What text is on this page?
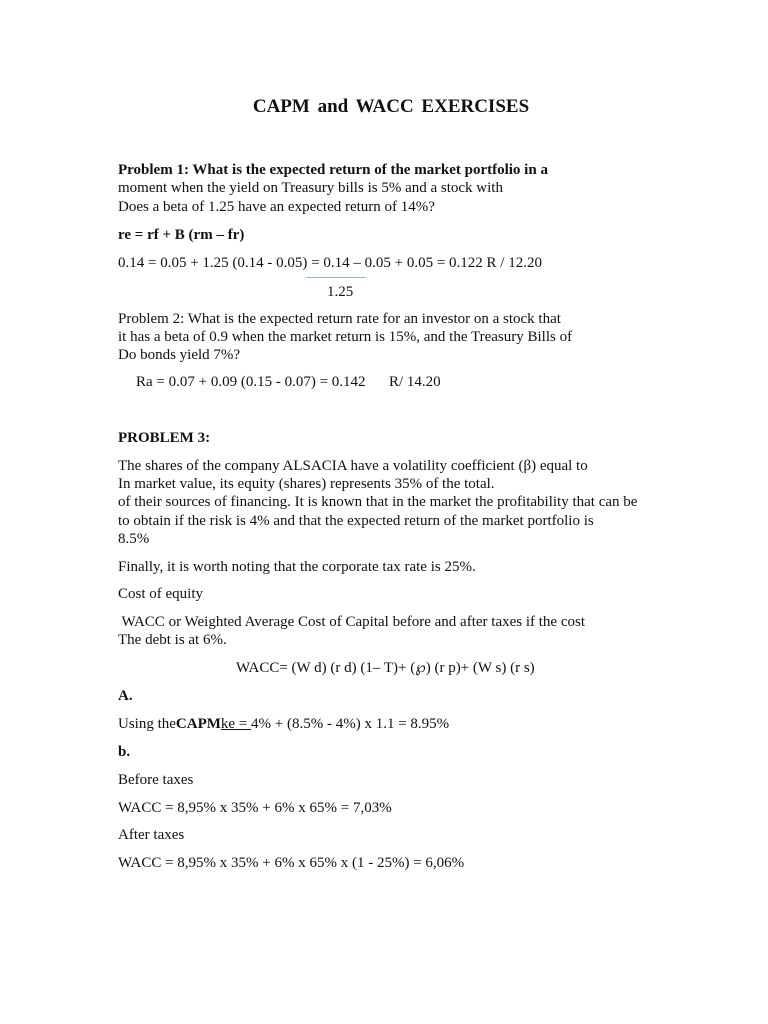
CAPM and WACC EXERCISES
Problem 1: What is the expected return of the market portfolio in a
moment when the yield on Treasury bills is 5% and a stock with
Does a beta of 1.25 have an expected return of 14%?
re = rf + B (rm – fr)
0.14 = 0.05 + 1.25 (0.14 - 0.05) = 0.14 – 0.05 + 0.05 = 0.122 R / 12.20
1.25
Problem 2: What is the expected return rate for an investor on a stock that
it has a beta of 0.9 when the market return is 15%, and the Treasury Bills of
Do bonds yield 7%?
Ra = 0.07 + 0.09 (0.15 - 0.07) = 0.142 R/ 14.20
PROBLEM 3:
The shares of the company ALSACIA have a volatility coefficient (β) equal to
In market value, its equity (shares) represents 35% of the total.
of their sources of financing. It is known that in the market the profitability that can be
to obtain if the risk is 4% and that the expected return of the market portfolio is
8.5%
Finally, it is worth noting that the corporate tax rate is 25%.
Cost of equity
WACC or Weighted Average Cost of Capital before and after taxes if the cost
The debt is at 6%.
WACC= (W d) (r d) (1– T)+ (℘) (r p)+ (W s) (r s)
A.
Using theCAPMke = 4% + (8.5% - 4%) x 1.1 = 8.95%
b.
Before taxes
WACC = 8,95% x 35% + 6% x 65% = 7,03%
After taxes
WACC = 8,95% x 35% + 6% x 65% x (1 - 25%) = 6,06%
